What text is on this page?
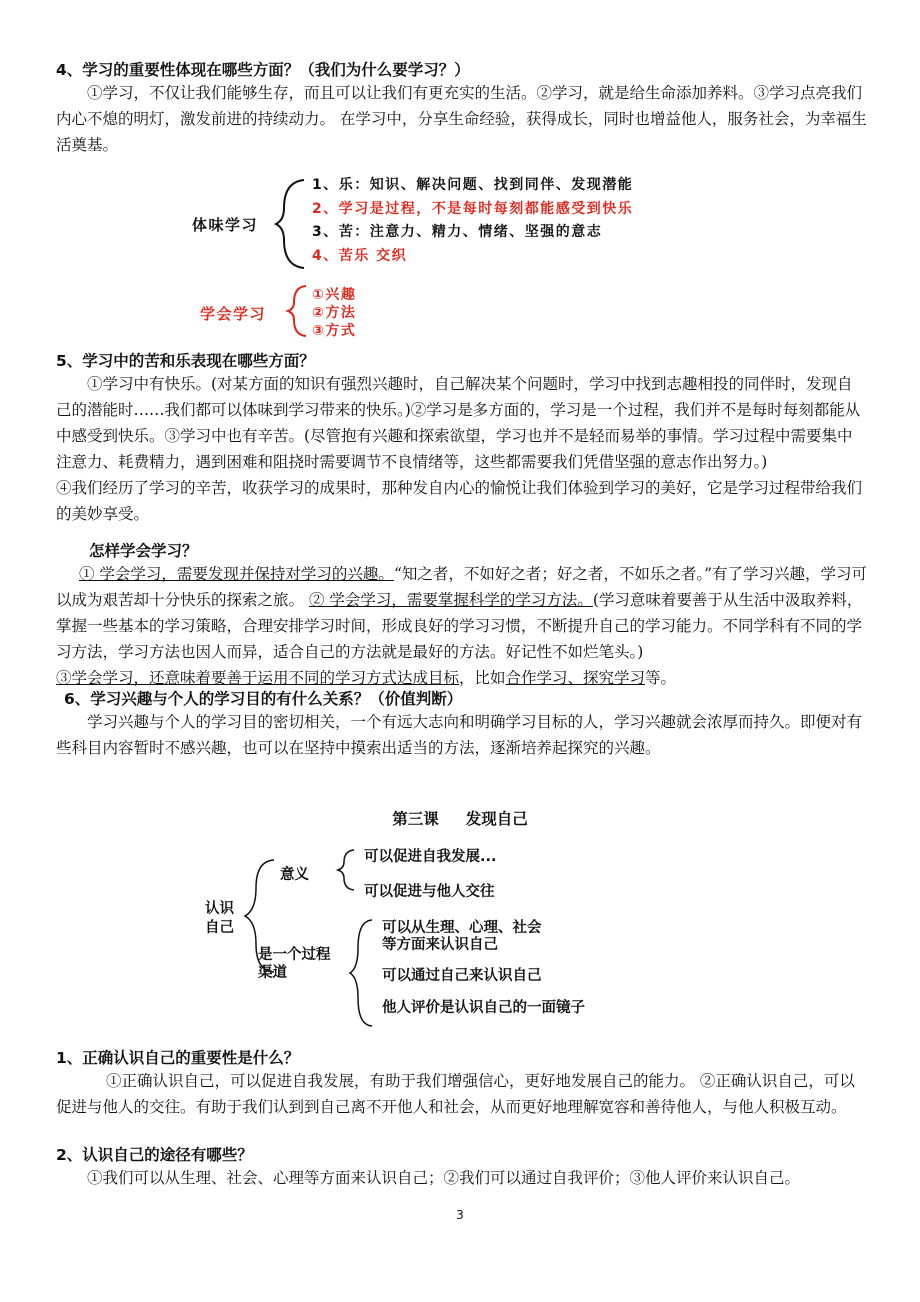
4、学习的重要性体现在哪些方面？（我们为什么要学习？）
①学习，不仅让我们能够生存，而且可以让我们有更充实的生活。②学习，就是给生命添加养料。③学习点亮我们内心不熄的明灯，激发前进的持续动力。 在学习中，分享生命经验，获得成长，同时也增益他人，服务社会，为幸福生活奠基。
体味学习
1、乐：知识、解决问题、找到同伴、发现潜能
2、学习是过程，不是每时每刻都能感受到快乐
3、苦：注意力、精力、情绪、坚强的意志
4、苦乐 交织
学会学习
①兴趣
②方法
③方式
5、学习中的苦和乐表现在哪些方面？
①学习中有快乐。(对某方面的知识有强烈兴趣时，自己解决某个问题时，学习中找到志趣相投的同伴时，发现自己的潜能时……我们都可以体味到学习带来的快乐。)②学习是多方面的，学习是一个过程，我们并不是每时每刻都能从中感受到快乐。③学习中也有辛苦。(尽管抱有兴趣和探索欲望，学习也并不是轻而易举的事情。学习过程中需要集中注意力、耗费精力，遇到困难和阻挠时需要调节不良情绪等，这些都需要我们凭借坚强的意志作出努力。)
④我们经历了学习的辛苦，收获学习的成果时，那种发自内心的愉悦让我们体验到学习的美好，它是学习过程带给我们的美妙享受。
怎样学会学习？
① 学会学习，需要发现并保持对学习的兴趣。“知之者，不如好之者；好之者，不如乐之者。”有了学习兴趣，学习可以成为艰苦却十分快乐的探索之旅。 ② 学会学习，需要掌握科学的学习方法。(学习意味着要善于从生活中汲取养料，掌握一些基本的学习策略，合理安排学习时间，形成良好的学习习惯，不断提升自己的学习能力。不同学科有不同的学习方法，学习方法也因人而异，适合自己的方法就是最好的方法。好记性不如烂笔头。)
③学会学习，还意味着要善于运用不同的学习方式达成目标，比如合作学习、探究学习等。
6、学习兴趣与个人的学习目的有什么关系？（价值判断）
学习兴趣与个人的学习目的密切相关，一个有远大志向和明确学习目标的人，学习兴趣就会浓厚而持久。即便对有些科目内容暂时不感兴趣，也可以在坚持中摸索出适当的方法，逐渐培养起探究的兴趣。
第三课     发现自己
认识
自己
意义
可以促进自我发展...
可以促进与他人交往
是一个过程
渠道
可以从生理、心理、社会
等方面来认识自己
可以通过自己来认识自己
他人评价是认识自己的一面镜子
1、正确认识自己的重要性是什么？
①正确认识自己，可以促进自我发展，有助于我们增强信心，更好地发展自己的能力。 ②正确认识自己，可以促进与他人的交往。有助于我们认到到自己离不开他人和社会，从而更好地理解宽容和善待他人，与他人积极互动。
2、认识自己的途径有哪些？
①我们可以从生理、社会、心理等方面来认识自己；②我们可以通过自我评价；③他人评价来认识自己。
3
